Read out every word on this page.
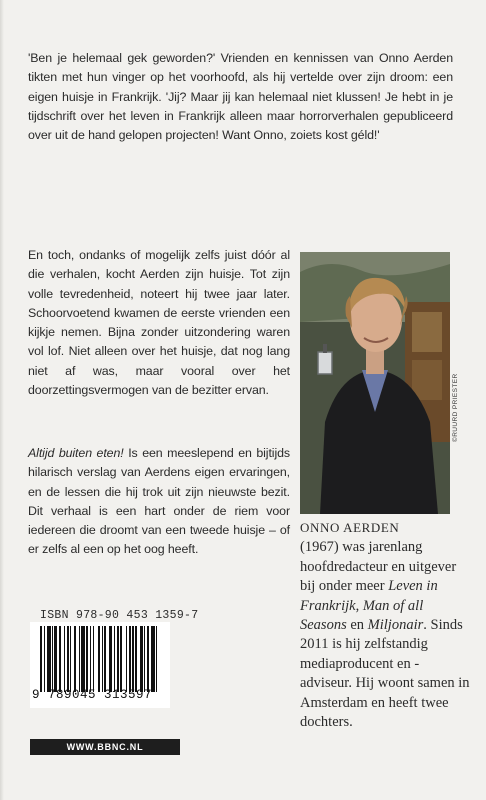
'Ben je helemaal gek geworden?' Vrienden en kennissen van Onno Aerden tikten met hun vinger op het voorhoofd, als hij vertelde over zijn droom: een eigen huisje in Frankrijk. 'Jij? Maar jij kan helemaal niet klussen! Je hebt in je tijdschrift over het leven in Frankrijk alleen maar horrorverhalen gepubliceerd over uit de hand gelopen projecten! Want Onno, zoiets kost géld!'
En toch, ondanks of mogelijk zelfs juist dóór al die verhalen, kocht Aerden zijn huisje. Tot zijn volle tevredenheid, noteert hij twee jaar later. Schoorvoetend kwamen de eerste vrienden een kijkje nemen. Bijna zonder uitzondering waren vol lof. Niet alleen over het huisje, dat nog lang niet af was, maar vooral over het doorzettingsvermogen van de bezitter ervan.
Altijd buiten eten! Is een meeslepend en bijtijds hilarisch verslag van Aerdens eigen ervaringen, en de lessen die hij trok uit zijn nieuwste bezit. Dit verhaal is een hart onder de riem voor iedereen die droomt van een tweede huisje – of er zelfs al een op het oog heeft.
©RUURD PRIESTER
ONNO AERDEN
(1967) was jarenlang hoofdredacteur en uitgever bij onder meer Leven in Frankrijk, Man of all Seasons en Miljonair. Sinds 2011 is hij zelfstandig mediaproducent en -adviseur. Hij woont samen in Amsterdam en heeft twee dochters.
ISBN 978-90 453 1359-7
9 789045 313597
WWW.BBNC.NL
